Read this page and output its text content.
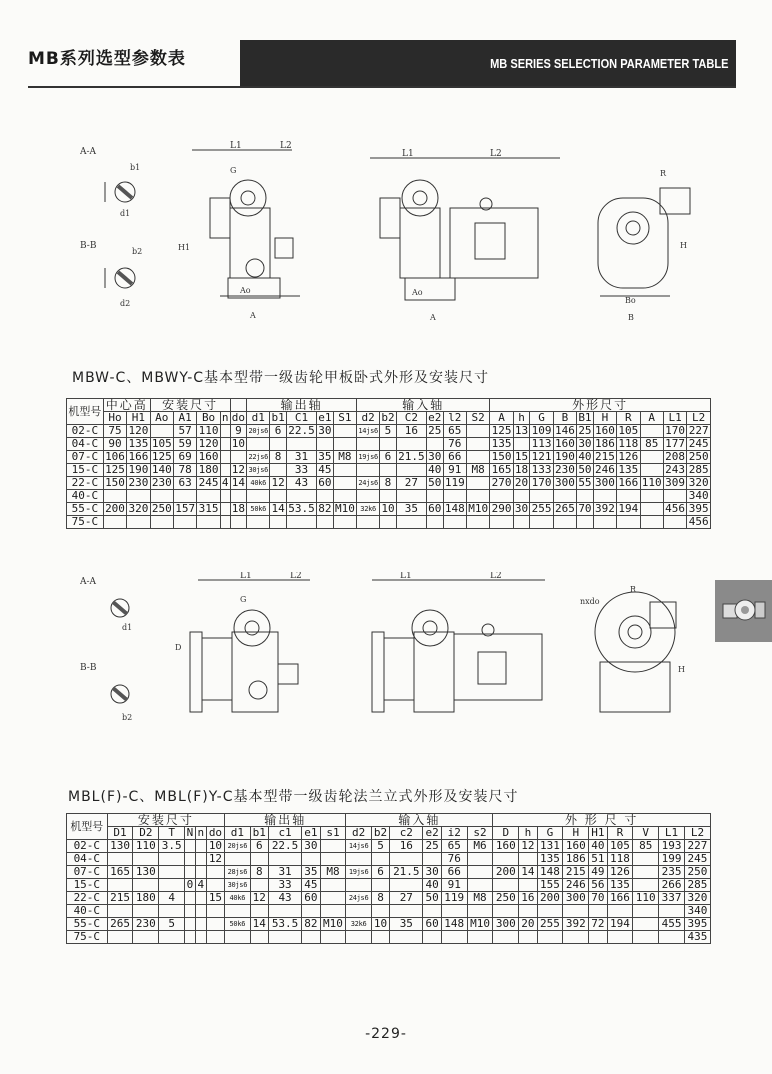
MB系列选型参数表	MB SERIES SELECTION PARAMETER TABLE
A-A
b1
d1
B-B
b2
d2
L1	L2
Ao
A
H1
G
L1	L2
Ao
A
Bo
B
R
H
MBW-C、MBWY-C基本型带一级齿轮甲板卧式外形及安装尺寸
机型号	中心高		安装尺寸					输出轴					输入轴						外形尺寸									
	Ho	H1	Ao	A1	Bo	n	do	d1	b1	C1	e1	S1	d2	b2	C2	e2	l2	S2	A	h	G	B	B1	H	R	A	L1	L2
02-C	75	120		57	110		9	20js6	6	22.5	30		14js6	5	16	25	65		125	13	109	146	25	160	105		170	227
04-C	90	135	105	59	120		10										76		135		113	160	30	186	118	85	177	245
07-C	106	166	125	69	160			22js6	8	31	35	M8	19js6	6	21.5	30	66		150	15	121	190	40	215	126		208	250
15-C	125	190	140	78	180		12	30js6		33	45					40	91	M8	165	18	133	230	50	246	135		243	285
22-C	150	230	230	63	245	4	14	40k6	12	43	60		24js6	8	27	50	119		270	20	170	300	55	300	166	110	309	320
40-C																												340
55-C	200	320	250	157	315		18	50k6	14	53.5	82	M10	32k6	10	35	60	148	M10	290	30	255	265	70	392	194		456	395
75-C																												456
A-A
d1
B-B
b2
L1	L2
G
D
L1	L2
nxdo
R
H
MBL(F)-C、MBL(F)Y-C基本型带一级齿轮法兰立式外形及安装尺寸
机型号	安装尺寸						输出轴					输入轴						外 形 尺 寸								
	D1	D2	T	N	n	do	d1	b1	c1	e1	s1	d2	b2	c2	e2	i2	s2	D	h	G	H	H1	R	V	L1	L2
02-C	130	110	3.5			10	20js6	6	22.5	30		14js6	5	16	25	65	M6	160	12	131	160	40	105	85	193	227
04-C						12										76				135	186	51	118		199	245
07-C	165	130					28js6	8	31	35	M8	19js6	6	21.5	30	66		200	14	148	215	49	126		235	250
15-C				0	4		30js6		33	45					40	91				155	246	56	135		266	285
22-C	215	180	4			15	40k6	12	43	60		24js6	8	27	50	119	M8	250	16	200	300	70	166	110	337	320
40-C																										340
55-C	265	230	5				50k6	14	53.5	82	M10	32k6	10	35	60	148	M10	300	20	255	392	72	194		455	395
75-C																										435
-229-
